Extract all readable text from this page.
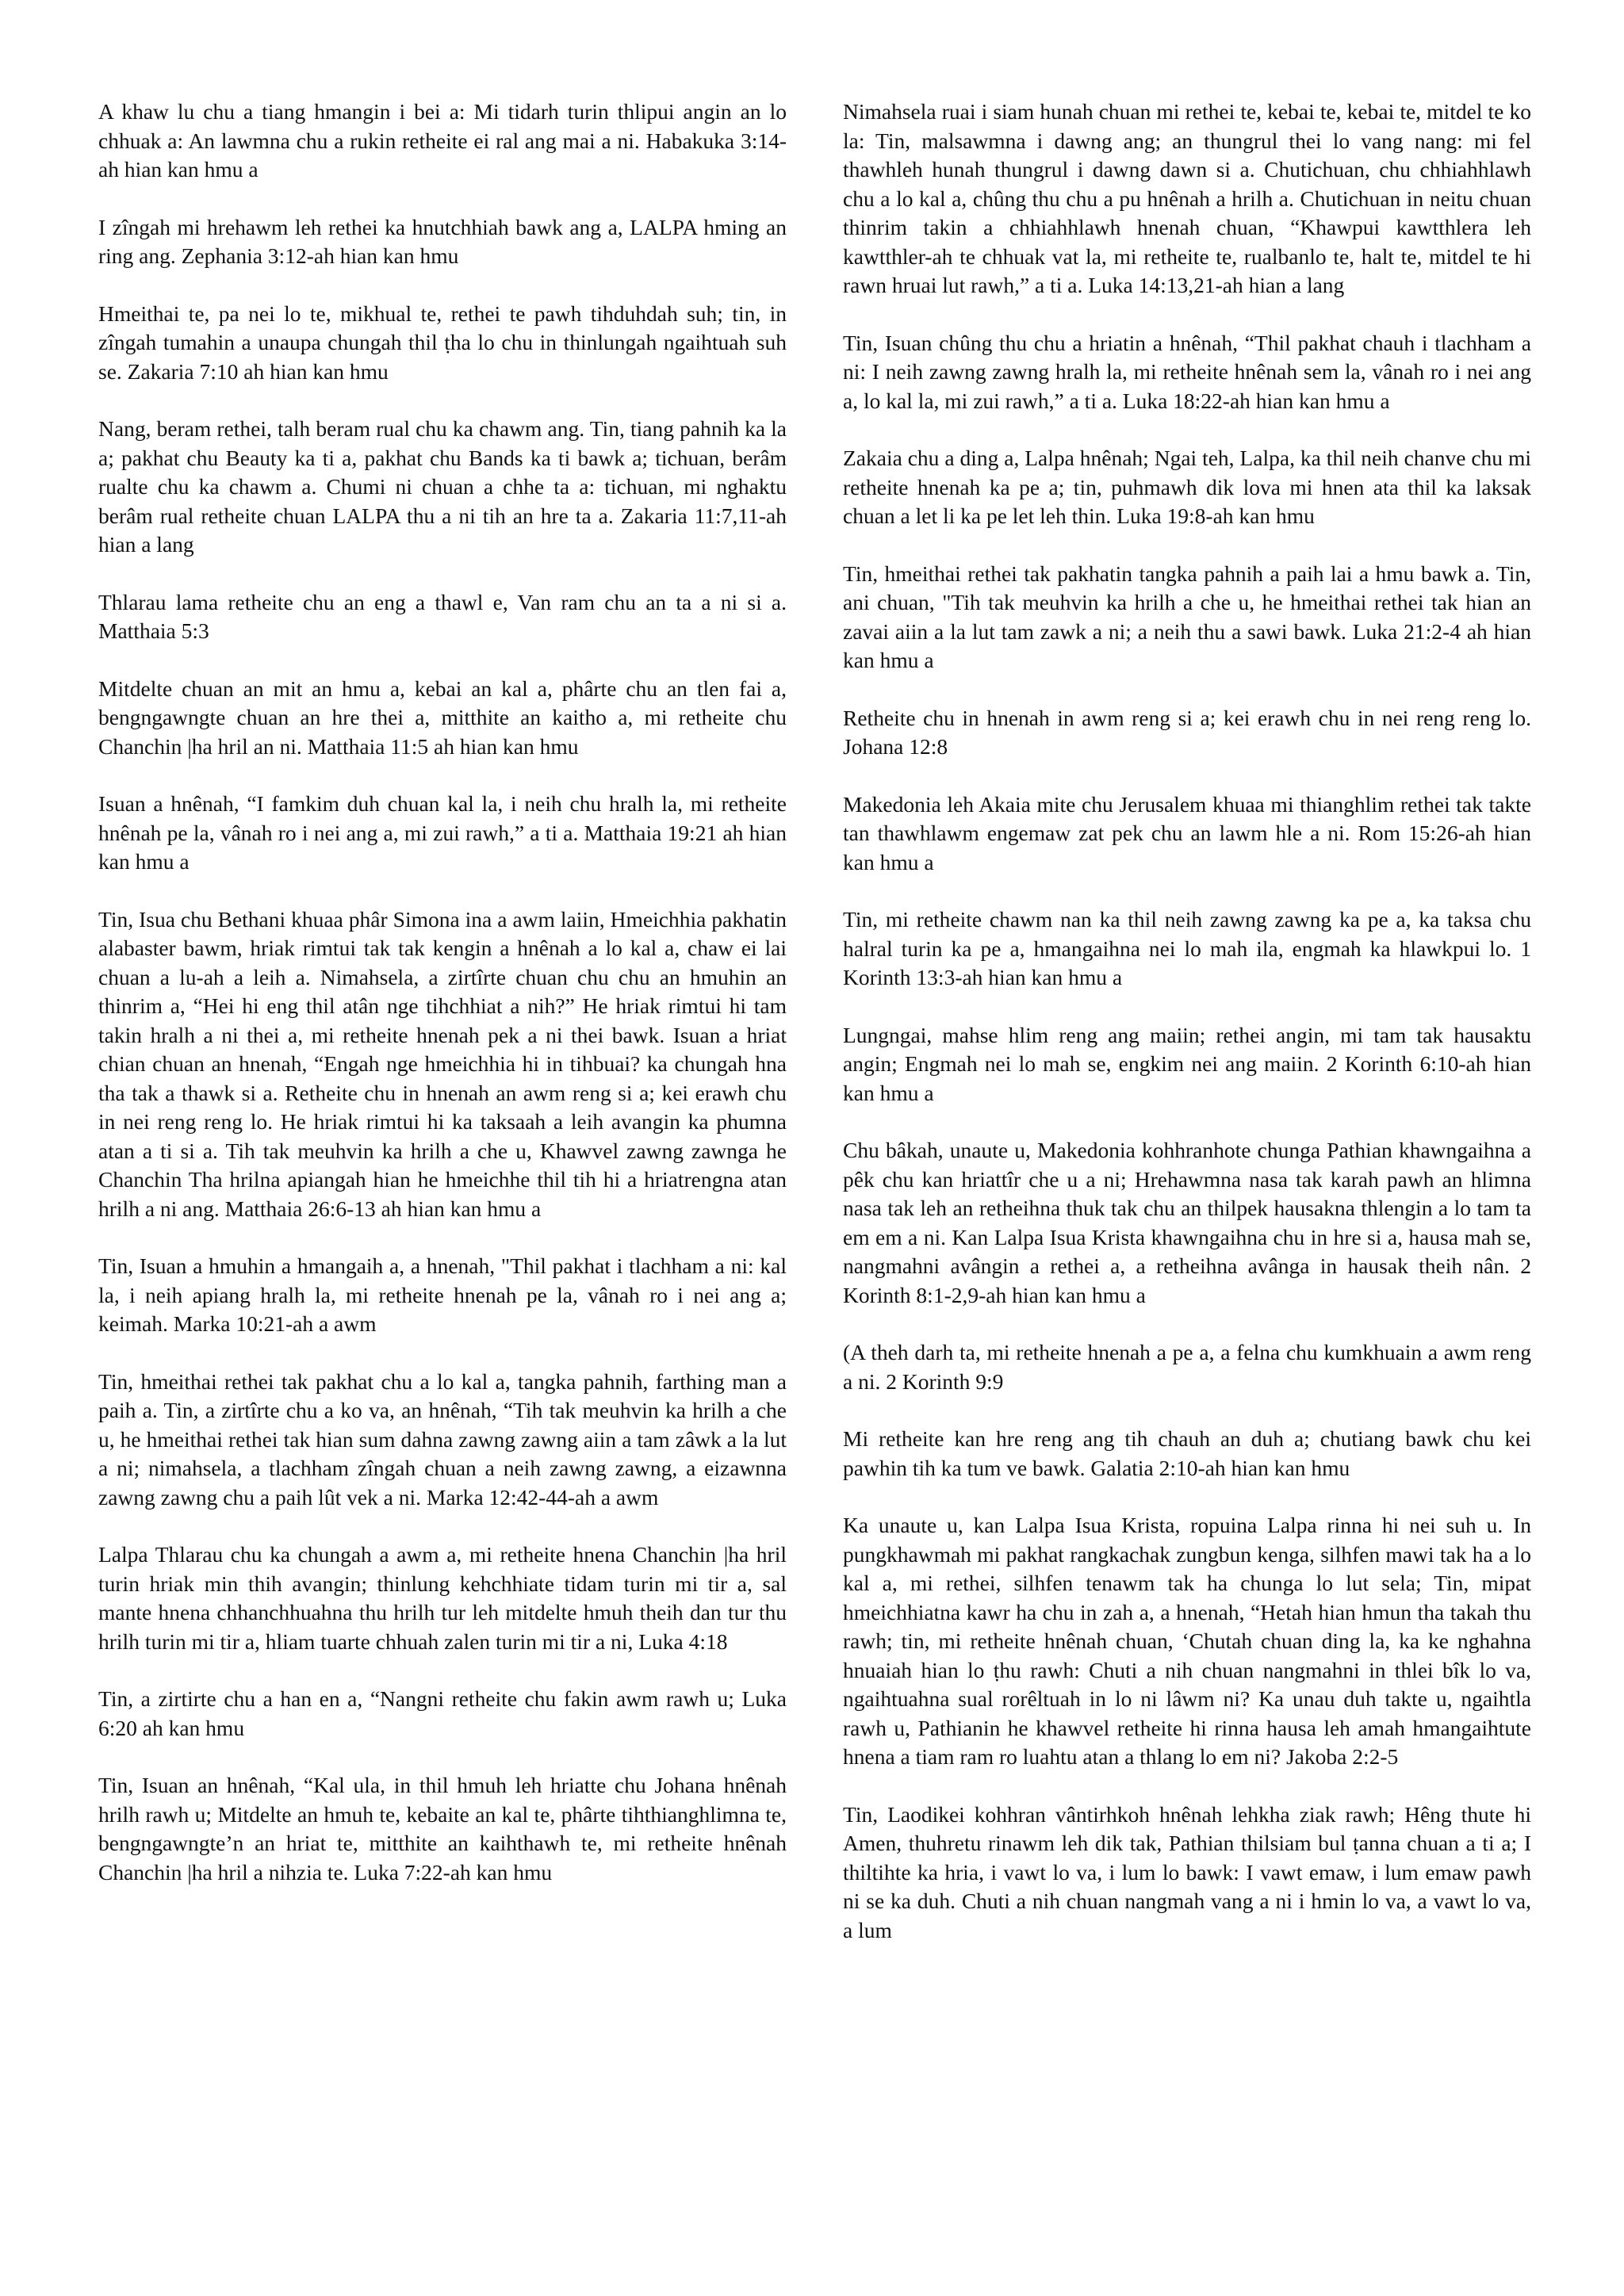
A khaw lu chu a tiang hmangin i bei a: Mi tidarh turin thlipui angin an lo chhuak a: An lawmna chu a rukin retheite ei ral ang mai a ni. Habakuka 3:14-ah hian kan hmu a

I zîngah mi hrehawm leh rethei ka hnutchhiah bawk ang a, LALPA hming an ring ang. Zephania 3:12-ah hian kan hmu

Hmeithai te, pa nei lo te, mikhual te, rethei te pawh tihduhdah suh; tin, in zîngah tumahin a unaupa chungah thil ṭha lo chu in thinlungah ngaihtuah suh se. Zakaria 7:10 ah hian kan hmu

Nang, beram rethei, talh beram rual chu ka chawm ang. Tin, tiang pahnih ka la a; pakhat chu Beauty ka ti a, pakhat chu Bands ka ti bawk a; tichuan, berâm rualte chu ka chawm a. Chumi ni chuan a chhe ta a: tichuan, mi nghaktu berâm rual retheite chuan LALPA thu a ni tih an hre ta a. Zakaria 11:7,11-ah hian a lang

Thlarau lama retheite chu an eng a thawl e, Van ram chu an ta a ni si a. Matthaia 5:3

Mitdelte chuan an mit an hmu a, kebai an kal a, phârte chu an tlen fai a, bengngawngte chuan an hre thei a, mitthite an kaitho a, mi retheite chu Chanchin |ha hril an ni. Matthaia 11:5 ah hian kan hmu

Isuan a hnênah, “I famkim duh chuan kal la, i neih chu hralh la, mi retheite hnênah pe la, vânah ro i nei ang a, mi zui rawh,” a ti a. Matthaia 19:21 ah hian kan hmu a

Tin, Isua chu Bethani khuaa phâr Simona ina a awm laiin, Hmeichhia pakhatin alabaster bawm, hriak rimtui tak tak kengin a hnênah a lo kal a, chaw ei lai chuan a lu-ah a leih a. Nimahsela, a zirtîrte chuan chu chu an hmuhin an thinrim a, “Hei hi eng thil atân nge tihchhiat a nih?” He hriak rimtui hi tam takin hralh a ni thei a, mi retheite hnenah pek a ni thei bawk. Isuan a hriat chian chuan an hnenah, “Engah nge hmeichhia hi in tihbuai? ka chungah hna tha tak a thawk si a. Retheite chu in hnenah an awm reng si a; kei erawh chu in nei reng reng lo. He hriak rimtui hi ka taksaah a leih avangin ka phumna atan a ti si a. Tih tak meuhvin ka hrilh a che u, Khawvel zawng zawnga he Chanchin Tha hrilna apiangah hian he hmeichhe thil tih hi a hriatrengna atan hrilh a ni ang. Matthaia 26:6-13 ah hian kan hmu a

Tin, Isuan a hmuhin a hmangaih a, a hnenah, "Thil pakhat i tlachham a ni: kal la, i neih apiang hralh la, mi retheite hnenah pe la, vânah ro i nei ang a; keimah. Marka 10:21-ah a awm

Tin, hmeithai rethei tak pakhat chu a lo kal a, tangka pahnih, farthing man a paih a. Tin, a zirtîrte chu a ko va, an hnênah, “Tih tak meuhvin ka hrilh a che u, he hmeithai rethei tak hian sum dahna zawng zawng aiin a tam zâwk a la lut a ni; nimahsela, a tlachham zîngah chuan a neih zawng zawng, a eizawnna zawng zawng chu a paih lût vek a ni. Marka 12:42-44-ah a awm

Lalpa Thlarau chu ka chungah a awm a, mi retheite hnena Chanchin |ha hril turin hriak min thih avangin; thinlung kehchhiate tidam turin mi tir a, sal mante hnena chhanchhuahna thu hrilh tur leh mitdelte hmuh theih dan tur thu hrilh turin mi tir a, hliam tuarte chhuah zalen turin mi tir a ni, Luka 4:18

Tin, a zirtirte chu a han en a, “Nangni retheite chu fakin awm rawh u; Luka 6:20 ah kan hmu

Tin, Isuan an hnênah, “Kal ula, in thil hmuh leh hriatte chu Johana hnênah hrilh rawh u; Mitdelte an hmuh te, kebaite an kal te, phârte tihthianghlimna te, bengngawngte’n an hriat te, mitthite an kaihthawh te, mi retheite hnênah Chanchin |ha hril a nihzia te. Luka 7:22-ah kan hmu

Nimahsela ruai i siam hunah chuan mi rethei te, kebai te, kebai te, mitdel te ko la: Tin, malsawmna i dawng ang; an thungrul thei lo vang nang: mi fel thawhleh hunah thungrul i dawng dawn si a. Chutichuan, chu chhiahhlawh chu a lo kal a, chûng thu chu a pu hnênah a hrilh a. Chutichuan in neitu chuan thinrim takin a chhiahhlawh hnenah chuan, “Khawpui kawtthlera leh kawtthler-ah te chhuak vat la, mi retheite te, rualbanlo te, halt te, mitdel te hi rawn hruai lut rawh,” a ti a. Luka 14:13,21-ah hian a lang

Tin, Isuan chûng thu chu a hriatin a hnênah, “Thil pakhat chauh i tlachham a ni: I neih zawng zawng hralh la, mi retheite hnênah sem la, vânah ro i nei ang a, lo kal la, mi zui rawh,” a ti a. Luka 18:22-ah hian kan hmu a

Zakaia chu a ding a, Lalpa hnênah; Ngai teh, Lalpa, ka thil neih chanve chu mi retheite hnenah ka pe a; tin, puhmawh dik lova mi hnen ata thil ka laksak chuan a let li ka pe let leh thin. Luka 19:8-ah kan hmu

Tin, hmeithai rethei tak pakhatin tangka pahnih a paih lai a hmu bawk a. Tin, ani chuan, "Tih tak meuhvin ka hrilh a che u, he hmeithai rethei tak hian an zavai aiin a la lut tam zawk a ni; a neih thu a sawi bawk. Luka 21:2-4 ah hian kan hmu a

Retheite chu in hnenah in awm reng si a; kei erawh chu in nei reng reng lo. Johana 12:8

Makedonia leh Akaia mite chu Jerusalem khuaa mi thianghlim rethei tak takte tan thawhlawm engemaw zat pek chu an lawm hle a ni. Rom 15:26-ah hian kan hmu a

Tin, mi retheite chawm nan ka thil neih zawng zawng ka pe a, ka taksa chu halral turin ka pe a, hmangaihna nei lo mah ila, engmah ka hlawkpui lo. 1 Korinth 13:3-ah hian kan hmu a

Lungngai, mahse hlim reng ang maiin; rethei angin, mi tam tak hausaktu angin; Engmah nei lo mah se, engkim nei ang maiin. 2 Korinth 6:10-ah hian kan hmu a

Chu bâkah, unaute u, Makedonia kohhranhote chunga Pathian khawngaihna a pêk chu kan hriattîr che u a ni; Hrehawmna nasa tak karah pawh an hlimna nasa tak leh an retheihna thuk tak chu an thilpek hausakna thlengin a lo tam ta em em a ni. Kan Lalpa Isua Krista khawngaihna chu in hre si a, hausa mah se, nangmahni avângin a rethei a, a retheihna avânga in hausak theih nân. 2 Korinth 8:1-2,9-ah hian kan hmu a

(A theh darh ta, mi retheite hnenah a pe a, a felna chu kumkhuain a awm reng a ni. 2 Korinth 9:9

Mi retheite kan hre reng ang tih chauh an duh a; chutiang bawk chu kei pawhin tih ka tum ve bawk. Galatia 2:10-ah hian kan hmu

Ka unaute u, kan Lalpa Isua Krista, ropuina Lalpa rinna hi nei suh u. In pungkhawmah mi pakhat rangkachak zungbun kenga, silhfen mawi tak ha a lo kal a, mi rethei, silhfen tenawm tak ha chunga lo lut sela; Tin, mipat hmeichhiatna kawr ha chu in zah a, a hnenah, “Hetah hian hmun tha takah thu rawh; tin, mi retheite hnênah chuan, ‘Chutah chuan ding la, ka ke nghahna hnuaiah hian lo ṭhu rawh: Chuti a nih chuan nangmahni in thlei bîk lo va, ngaihtuahna sual rorêltuah in lo ni lâwm ni? Ka unau duh takte u, ngaihtla rawh u, Pathianin he khawvel retheite hi rinna hausa leh amah hmangaihtute hnena a tiam ram ro luahtu atan a thlang lo em ni? Jakoba 2:2-5

Tin, Laodikei kohhran vântirhkoh hnênah lehkha ziak rawh; Hêng thute hi Amen, thuhretu rinawm leh dik tak, Pathian thilsiam bul ṭanna chuan a ti a; I thiltihte ka hria, i vawt lo va, i lum lo bawk: I vawt emaw, i lum emaw pawh ni se ka duh. Chuti a nih chuan nangmah vang a ni i hmin lo va, a vawt lo va, a lum
